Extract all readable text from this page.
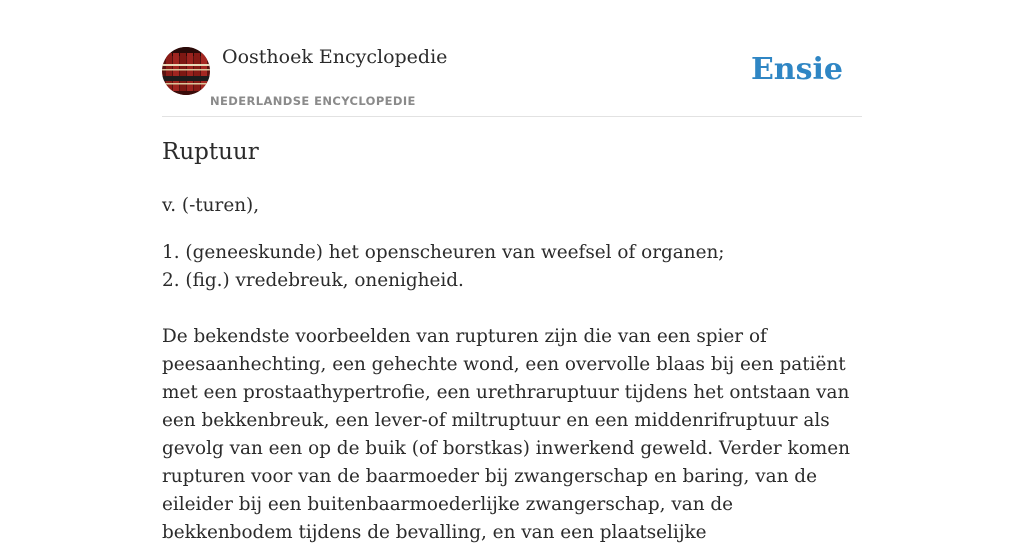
Oosthoek Encyclopedie
NEDERLANDSE ENCYCLOPEDIE
Ensie
Ruptuur

v. (-turen),

1. (geneeskunde) het openscheuren van weefsel of organen;
2. (fig.) vredebreuk, onenigheid.

De bekendste voorbeelden van rupturen zijn die van een spier of peesaanhechting, een gehechte wond, een overvolle blaas bij een patiënt met een prostaathypertrofie, een urethraruptuur tijdens het ontstaan van een bekkenbreuk, een lever-of miltruptuur en een middenrifruptuur als gevolg van een op de buik (of borstkas) inwerkend geweld. Verder komen rupturen voor van de baarmoeder bij zwangerschap en baring, van de eileider bij een buitenbaarmoederlijke zwangerschap, van de bekkenbodem tijdens de bevalling, en van een plaatselijke
